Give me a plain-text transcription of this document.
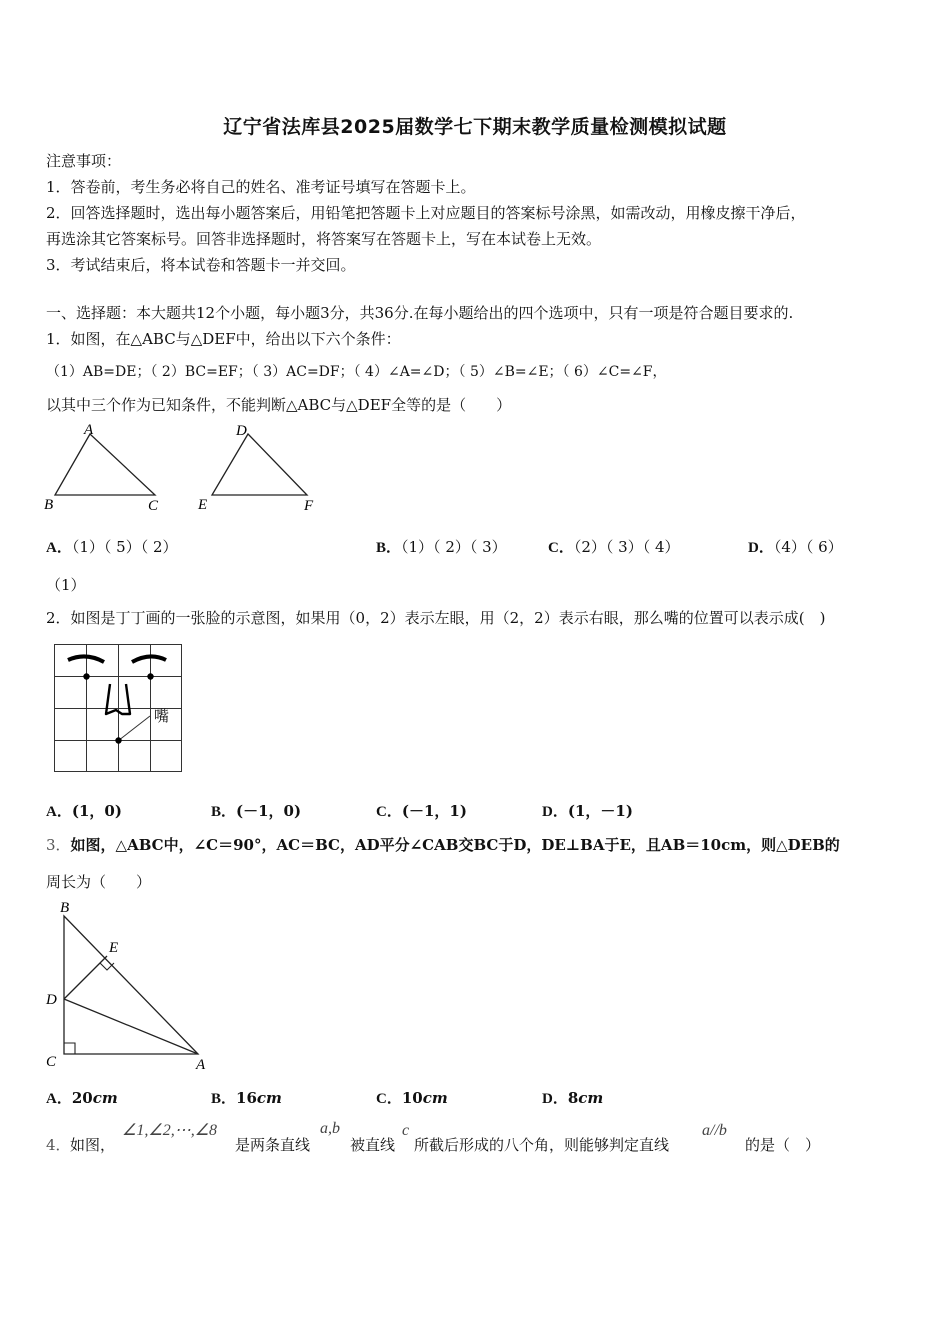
辽宁省法库县2025届数学七下期末教学质量检测模拟试题
注意事项：
1．答卷前，考生务必将自己的姓名、准考证号填写在答题卡上。
2．回答选择题时，选出每小题答案后，用铅笔把答题卡上对应题目的答案标号涂黑，如需改动，用橡皮擦干净后，
再选涂其它答案标号。回答非选择题时，将答案写在答题卡上，写在本试卷上无效。
3．考试结束后，将本试卷和答题卡一并交回。
一、选择题：本大题共12个小题，每小题3分，共36分.在每小题给出的四个选项中，只有一项是符合题目要求的.
1．如图，在△ABC与△DEF中，给出以下六个条件：
（1）AB=DE；（ 2）BC=EF；（ 3）AC=DF；（ 4）∠A=∠D；（ 5）∠B=∠E；（ 6）∠C=∠F，
以其中三个作为已知条件，不能判断△ABC与△DEF全等的是（　　）
A
B	C
D
E	F
A．（1）（ 5）（ 2）	B．（1）（ 2）（ 3）	C．（2）（ 3）（ 4）	D．（4）（ 6）
（1）
2．如图是丁丁画的一张脸的示意图，如果用（0，2）表示左眼，用（2，2）表示右眼，那么嘴的位置可以表示成(　)
嘴
A．(1，0)	B．(－1，0)	C．(－1，1)	D．(1，－1)
3．如图，△ABC中，∠C＝90°，AC＝BC，AD平分∠CAB交BC于D，DE⊥BA于E，且AB＝10cm，则△DEB的
周长为（　　）
B
E
D
C	A
A．20cm	B．16cm	C．10cm	D．8cm
4． 如图，
∠1,∠2,⋯,∠8
是两条直线
a,b
被直线
c
所截后形成的八个角，则能够判定直线
a//b
的是（　）
